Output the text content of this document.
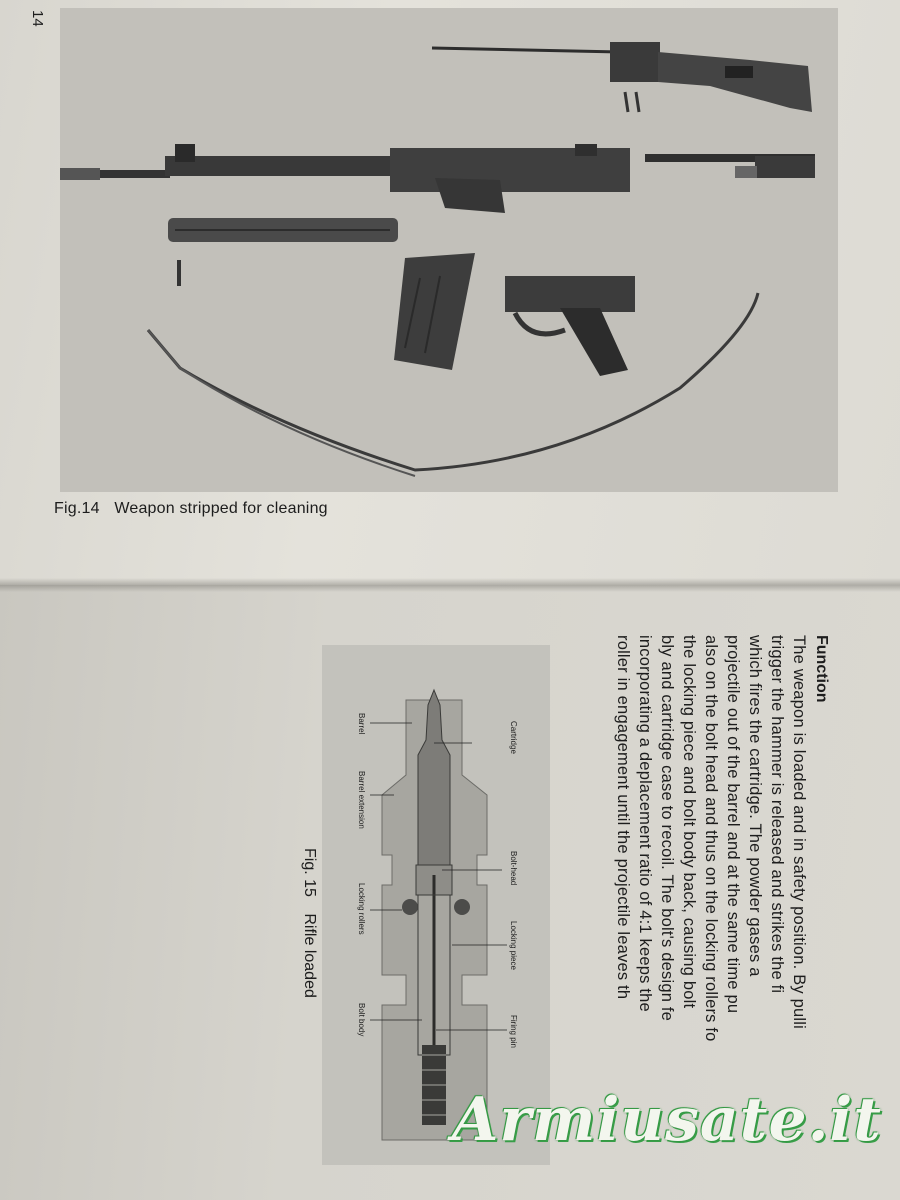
14
Fig.14 Weapon stripped for cleaning
Function
The weapon is loaded and in safety position. By pulli
trigger the hammer is released and strikes the fi
which fires the cartridge. The powder gases a
projectile out of the barrel and at the same time pu
also on the bolt head and thus on the locking rollers fo
the locking piece and bolt body back, causing bolt
bly and cartridge case to recoil. The bolt's design fe
incorporating a deplacement ratio of 4:1 keeps the
roller in engagement until the projectile leaves th
Cartridge
Barrel
Barrel extension
Bolt-head
Locking rollers
Locking piece
Firing pin
Bolt body
Fig. 15 Rifle loaded
Armiusate.it
